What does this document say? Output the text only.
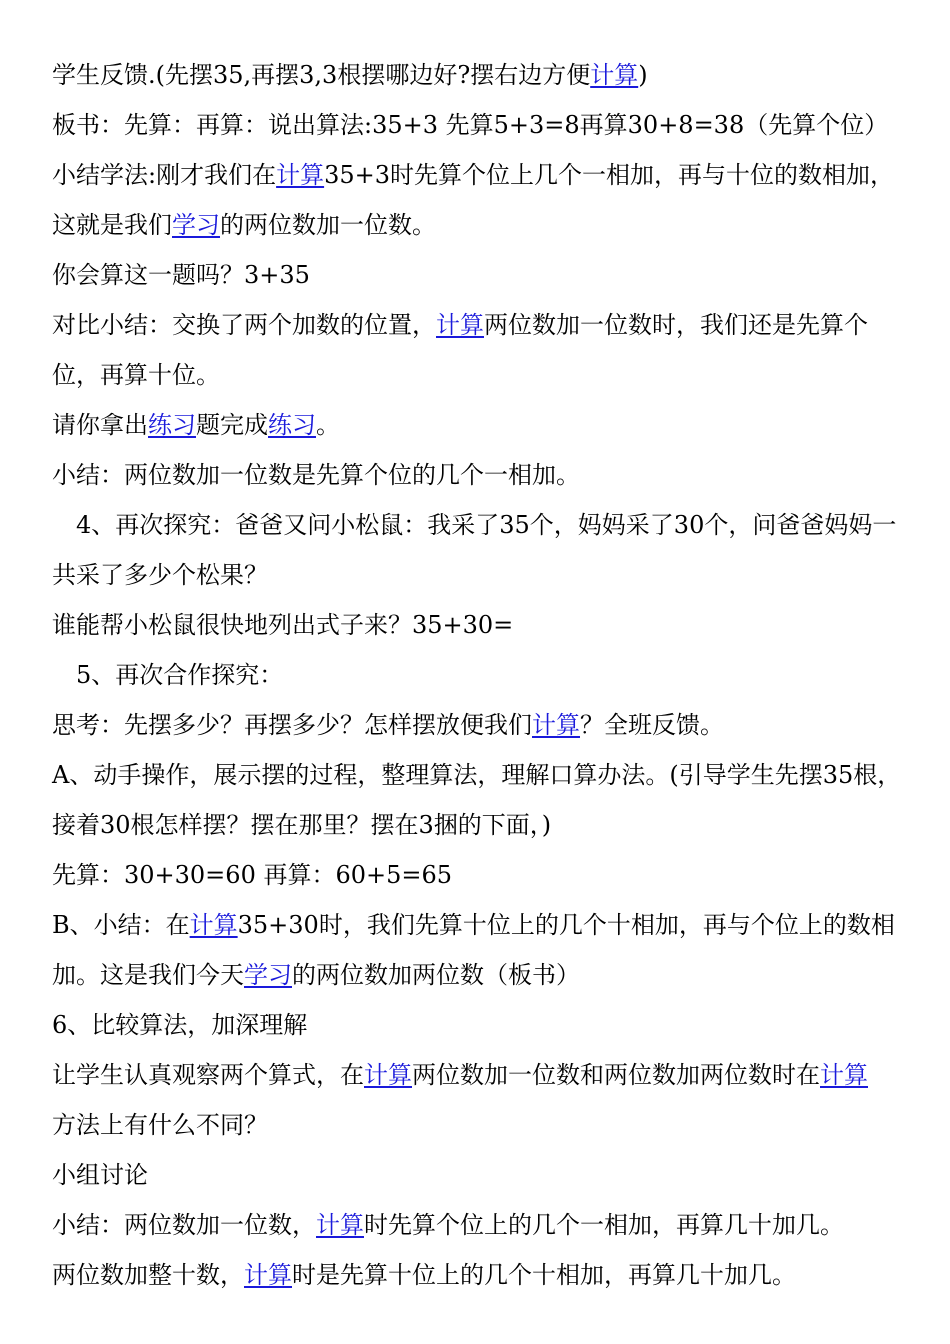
学生反馈.(先摆35,再摆3,3根摆哪边好?摆右边方便计算)
板书：先算：再算：说出算法:35+3 先算5+3=8再算30+8=38（先算个位）
小结学法:刚才我们在计算35+3时先算个位上几个一相加，再与十位的数相加，
这就是我们学习的两位数加一位数。
你会算这一题吗？3+35
对比小结：交换了两个加数的位置，计算两位数加一位数时，我们还是先算个
位，再算十位。
请你拿出练习题完成练习。
小结：两位数加一位数是先算个位的几个一相加。
4、再次探究：爸爸又问小松鼠：我采了35个，妈妈采了30个，问爸爸妈妈一
共采了多少个松果？
谁能帮小松鼠很快地列出式子来？35+30=
5、再次合作探究：
思考：先摆多少？再摆多少？怎样摆放便我们计算？全班反馈。
A、动手操作，展示摆的过程，整理算法，理解口算办法。(引导学生先摆35根，
接着30根怎样摆？摆在那里？摆在3捆的下面，)
先算：30+30=60 再算：60+5=65
B、小结：在计算35+30时，我们先算十位上的几个十相加，再与个位上的数相
加。这是我们今天学习的两位数加两位数（板书）
6、比较算法，加深理解
让学生认真观察两个算式，在计算两位数加一位数和两位数加两位数时在计算
方法上有什么不同？
小组讨论
小结：两位数加一位数，计算时先算个位上的几个一相加，再算几十加几。
两位数加整十数，计算时是先算十位上的几个十相加，再算几十加几。
